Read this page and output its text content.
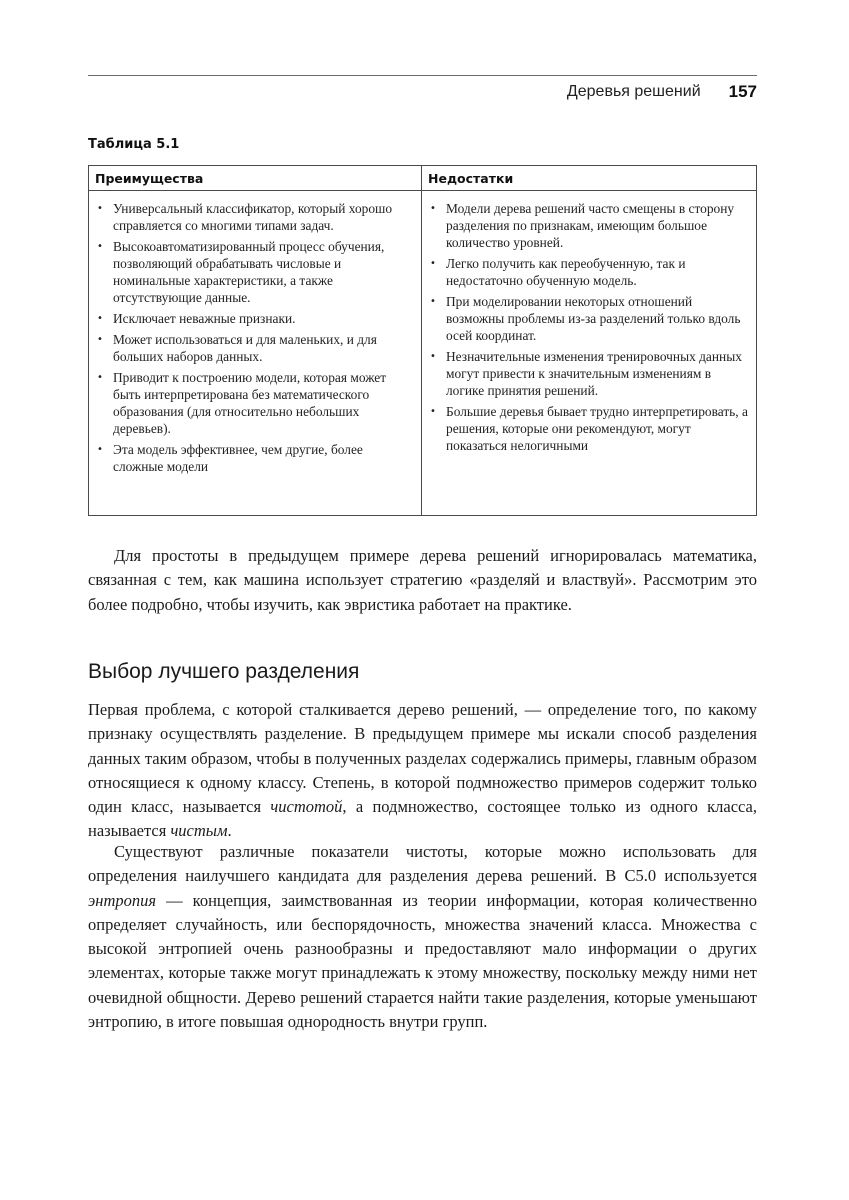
Деревья решений 157
Таблица 5.1
Преимущества	Недостатки
• Универсальный классификатор, который хорошо справляется со многими типами задач.
• Высокоавтоматизированный процесс обучения, позволяющий обрабатывать числовые и номинальные характеристики, а также отсутствующие данные.
• Исключает неважные признаки.
• Может использоваться и для маленьких, и для больших наборов данных.
• Приводит к построению модели, которая может быть интерпретирована без математического образования (для относительно небольших деревьев).
• Эта модель эффективнее, чем другие, более сложные модели
• Модели дерева решений часто смещены в сторону разделения по признакам, имеющим большое количество уровней.
• Легко получить как переобученную, так и недостаточно обученную модель.
• При моделировании некоторых отношений возможны проблемы из-за разделений только вдоль осей координат.
• Незначительные изменения тренировочных данных могут привести к значительным изменениям в логике принятия решений.
• Большие деревья бывает трудно интерпретировать, а решения, которые они рекомендуют, могут показаться нелогичными

Для простоты в предыдущем примере дерева решений игнорировалась математика, связанная с тем, как машина использует стратегию «разделяй и властвуй». Рассмотрим это более подробно, чтобы изучить, как эвристика работает на практике.

Выбор лучшего разделения

Первая проблема, с которой сталкивается дерево решений, — определение того, по какому признаку осуществлять разделение. В предыдущем примере мы искали способ разделения данных таким образом, чтобы в полученных разделах содержались примеры, главным образом относящиеся к одному классу. Степень, в которой подмножество примеров содержит только один класс, называется чистотой, а подмножество, состоящее только из одного класса, называется чистым.

Существуют различные показатели чистоты, которые можно использовать для определения наилучшего кандидата для разделения дерева решений. В C5.0 используется энтропия — концепция, заимствованная из теории информации, которая количественно определяет случайность, или беспорядочность, множества значений класса. Множества с высокой энтропией очень разнообразны и предоставляют мало информации о других элементах, которые также могут принадлежать к этому множеству, поскольку между ними нет очевидной общности. Дерево решений старается найти такие разделения, которые уменьшают энтропию, в итоге повышая однородность внутри групп.
